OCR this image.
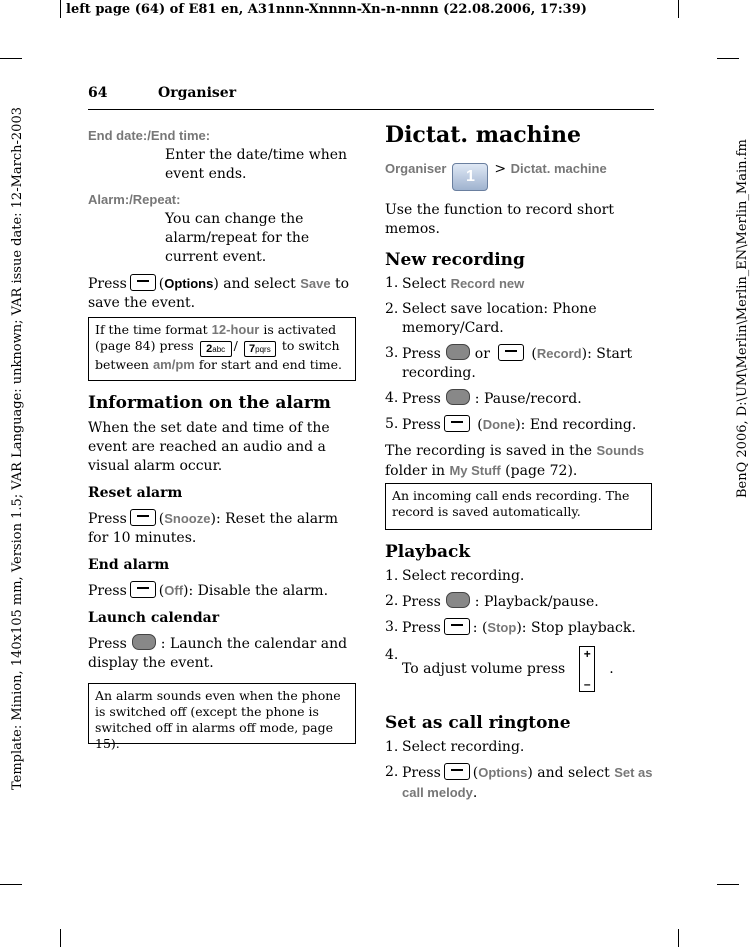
left page (64) of E81 en, A31nnn-Xnnnn-Xn-n-nnnn (22.08.2006, 17:39)
Template: Minion, 140x105 mm, Version 1.5; VAR Language: unknown; VAR issue date: 12-March-2003	BenQ 2006, D:\UM\Merlin\Merlin_EN\Merlin_Main.fm
64	Organiser

End date:/End time:

Enter the date/time when event ends.

Alarm:/Repeat:

You can change the alarm/repeat for the current event.

Press (Options) and select Save to save the event.

If the time format 12-hour is activated (page 84) press 2abc / 7pqrs to switch between am/pm for start and end time.

Information on the alarm

When the set date and time of the event are reached an audio and a visual alarm occur.

Reset alarm

Press (Snooze): Reset the alarm for 10 minutes.

End alarm

Press (Off): Disable the alarm.

Launch calendar

Press : Launch the calendar and display the event.

An alarm sounds even when the phone is switched off (except the phone is switched off in alarms off mode, page 15).

Dictat. machine

Organiser 1 > Dictat. machine

Use the function to record short memos.

New recording

1. Select Record new
2. Select save location: Phone memory/Card.
3. Press or	(Record): Start recording.
4. Press : Pause/record.
5. Press (Done): End recording.

The recording is saved in the Sounds folder in My Stuff (page 72).

An incoming call ends recording. The record is saved automatically.

Playback

1. Select recording.
2. Press : Playback/pause.
3. Press : (Stop): Stop playback.
4.
To adjust volume press
+
–
.

Set as call ringtone

1. Select recording.
2. Press (Options) and select Set as call melody.
